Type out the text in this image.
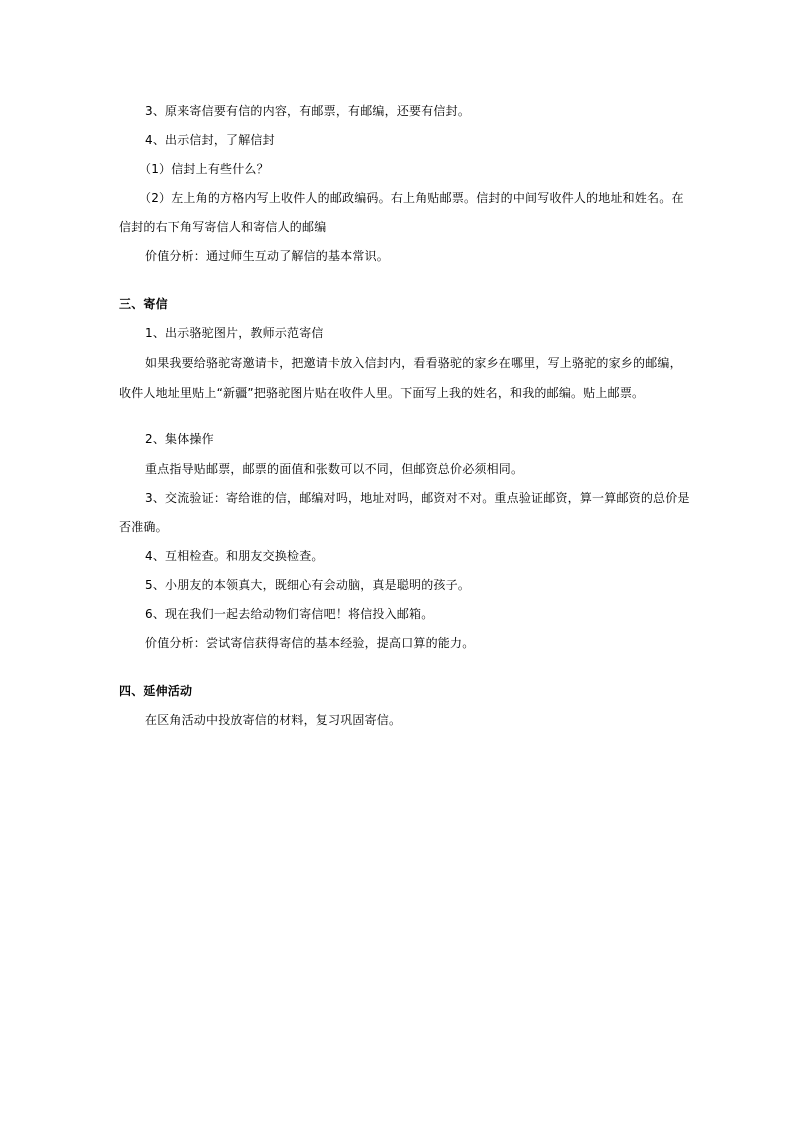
3、原来寄信要有信的内容，有邮票，有邮编，还要有信封。
4、出示信封，了解信封
（1）信封上有些什么？
（2）左上角的方格内写上收件人的邮政编码。右上角贴邮票。信封的中间写收件人的地址和姓名。在
信封的右下角写寄信人和寄信人的邮编
价值分析：通过师生互动了解信的基本常识。
三、寄信
1、出示骆驼图片，教师示范寄信
如果我要给骆驼寄邀请卡，把邀请卡放入信封内，看看骆驼的家乡在哪里，写上骆驼的家乡的邮编，
收件人地址里贴上“新疆”把骆驼图片贴在收件人里。下面写上我的姓名，和我的邮编。贴上邮票。
2、集体操作
重点指导贴邮票，邮票的面值和张数可以不同，但邮资总价必须相同。
3、交流验证：寄给谁的信，邮编对吗，地址对吗，邮资对不对。重点验证邮资，算一算邮资的总价是
否准确。
4、互相检查。和朋友交换检查。
5、小朋友的本领真大，既细心有会动脑，真是聪明的孩子。
6、现在我们一起去给动物们寄信吧！将信投入邮箱。
价值分析：尝试寄信获得寄信的基本经验，提高口算的能力。
四、延伸活动
在区角活动中投放寄信的材料，复习巩固寄信。
